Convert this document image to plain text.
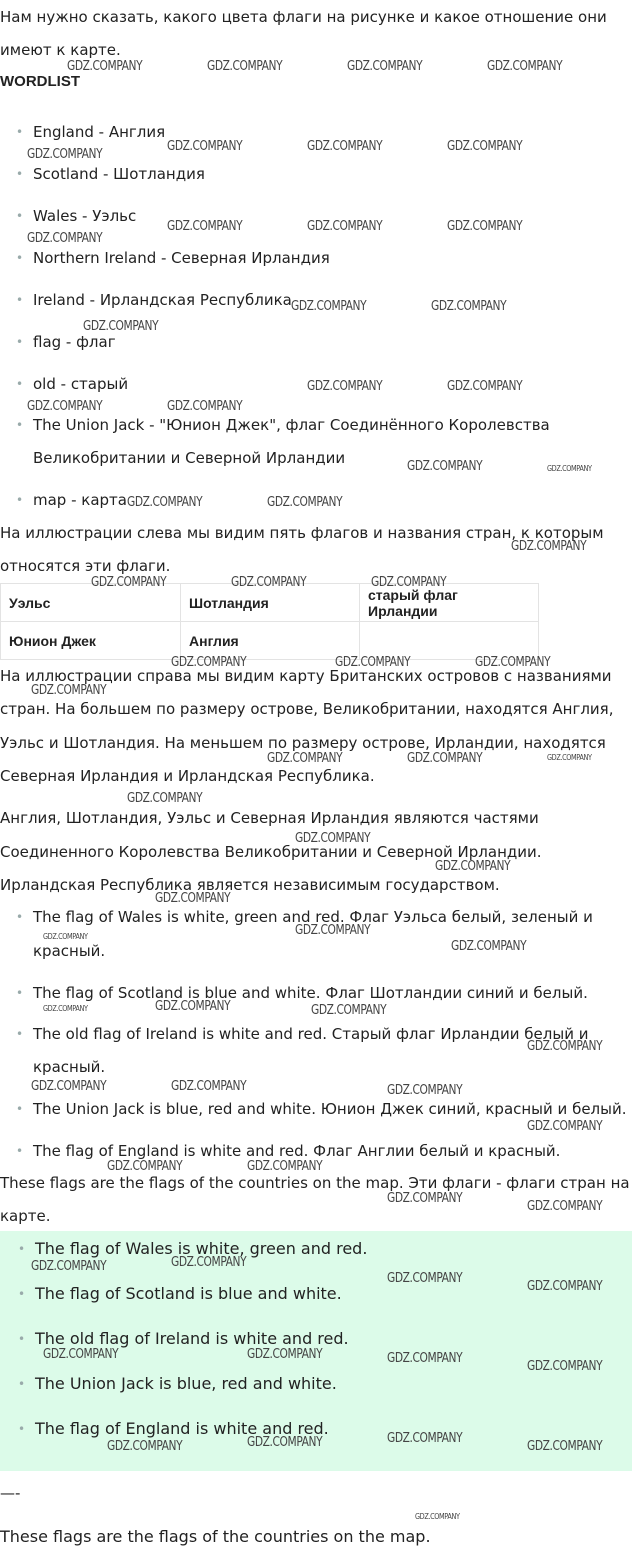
Нам нужно сказать, какого цвета флаги на рисунке и какое отношение они

имеют к карте.

WORDLIST
• England - Англия
• Scotland - Шотландия
• Wales - Уэльс
• Northern Ireland - Северная Ирландия
• Ireland - Ирландская Республика
• flag - флаг
• old - старый
• The Union Jack - "Юнион Джек", флаг Соединённого Королевства
Великобритании и Северной Ирландии
• map - карта

На иллюстрации слева мы видим пять флагов и названия стран, к которым

относятся эти флаги.

Уэльс	Шотландия	старый флаг Ирландии
Юнион Джек	Англия	

На иллюстрации справа мы видим карту Британских островов с названиями

стран. На большем по размеру острове, Великобритании, находятся Англия,

Уэльс и Шотландия. На меньшем по размеру острове, Ирландии, находятся

Северная Ирландия и Ирландская Республика.

Англия, Шотландия, Уэльс и Северная Ирландия являются частями

Соединенного Королевства Великобритании и Северной Ирландии.

Ирландская Республика является независимым государством.

• The flag of Wales is white, green and red. Флаг Уэльса белый, зеленый и
красный.
• The flag of Scotland is blue and white. Флаг Шотландии синий и белый.
• The old flag of Ireland is white and red. Старый флаг Ирландии белый и
красный.
• The Union Jack is blue, red and white. Юнион Джек синий, красный и белый.
• The flag of England is white and red. Флаг Англии белый и красный.

These flags are the flags of the countries on the map. Эти флаги - флаги стран на

карте.

• The flag of Wales is white, green and red.
• The flag of Scotland is blue and white.
• The old flag of Ireland is white and red.
• The Union Jack is blue, red and white.
• The flag of England is white and red.
—-

These flags are the flags of the countries on the map.

GDZ.COMPANY	GDZ.COMPANY	GDZ.COMPANY	GDZ.COMPANY
GDZ.COMPANY
GDZ.COMPANY	GDZ.COMPANY	GDZ.COMPANY
GDZ.COMPANY
GDZ.COMPANY	GDZ.COMPANY	GDZ.COMPANY
GDZ.COMPANY	GDZ.COMPANY
GDZ.COMPANY
GDZ.COMPANY	GDZ.COMPANY
GDZ.COMPANY	GDZ.COMPANY
GDZ.COMPANY	GDZ.COMPANY
GDZ.COMPANY	GDZ.COMPANY
GDZ.COMPANY
GDZ.COMPANY	GDZ.COMPANY	GDZ.COMPANY
GDZ.COMPANY	GDZ.COMPANY	GDZ.COMPANY
GDZ.COMPANY
GDZ.COMPANY	GDZ.COMPANY	GDZ.COMPANY
GDZ.COMPANY
GDZ.COMPANY
GDZ.COMPANY
GDZ.COMPANY
GDZ.COMPANY
GDZ.COMPANY
GDZ.COMPANY
GDZ.COMPANY	GDZ.COMPANY	GDZ.COMPANY
GDZ.COMPANY
GDZ.COMPANY	GDZ.COMPANY	GDZ.COMPANY
GDZ.COMPANY
GDZ.COMPANY	GDZ.COMPANY
GDZ.COMPANY
GDZ.COMPANY
GDZ.COMPANY	GDZ.COMPANY
GDZ.COMPANY
GDZ.COMPANY
GDZ.COMPANY	GDZ.COMPANY	GDZ.COMPANY
GDZ.COMPANY
GDZ.COMPANY	GDZ.COMPANY	GDZ.COMPANY
GDZ.COMPANY
GDZ.COMPANY
